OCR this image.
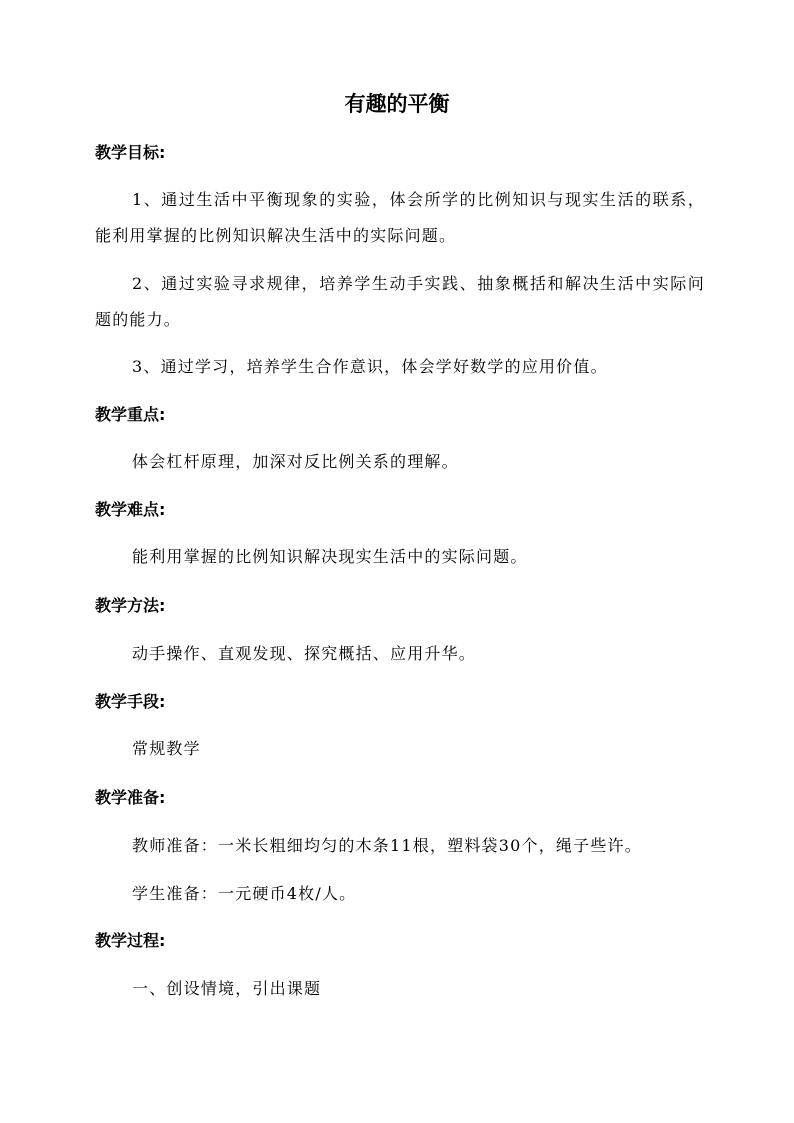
有趣的平衡
教学目标:

1、通过生活中平衡现象的实验，体会所学的比例知识与现实生活的联系，能利用掌握的比例知识解决生活中的实际问题。

2、通过实验寻求规律，培养学生动手实践、抽象概括和解决生活中实际问题的能力。

3、通过学习，培养学生合作意识，体会学好数学的应用价值。

教学重点:

体会杠杆原理，加深对反比例关系的理解。

教学难点:

能利用掌握的比例知识解决现实生活中的实际问题。

教学方法:

动手操作、直观发现、探究概括、应用升华。

教学手段:

常规教学

教学准备:

教师准备：一米长粗细均匀的木条11根，塑料袋30个，绳子些许。

学生准备：一元硬币4枚/人。

教学过程:

一、创设情境，引出课题
